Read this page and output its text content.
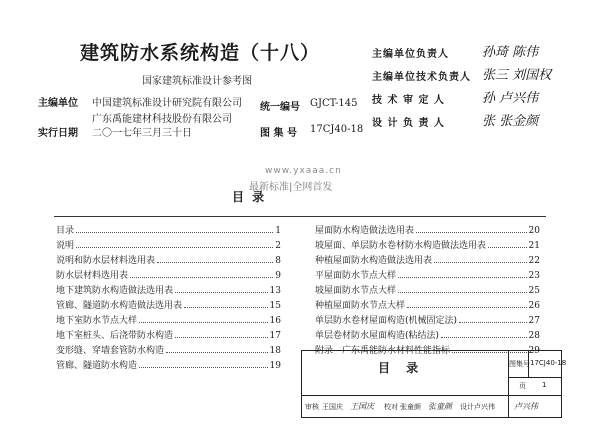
建筑防水系统构造（十八）
国家建筑标准设计参考图
主编单位 中国建筑标准设计研究院有限公司
广东禹能建材科技股份有限公司
实行日期 二〇一七年三月三十日
统一编号 GJCT-145
图 集 号 17CJ40-18
主编单位负责人	孙琦 陈伟
主编单位技术负责人 张三 刘国权
技 术 审 定 人	孙 卢兴伟
设 计 负 责 人	张 张金颜
www.yxaaa.cn
最新标准|全网首发
目 录
目录	1
说明	2
说明和防水层材料选用表	8
防水层材料选用表	9
地下建筑防水构造做法选用表	13
管廊、隧道防水构造做法选用表	15
地下室防水节点大样	16
地下室桩头、后浇带防水构造	17
变形缝、穿墙套管防水构造	18
管廊、隧道防水构造	19
屋面防水构造做法选用表	20
坡屋面、单层防水卷材防水构造做法选用表	21
种植屋面防水构造做法选用表	22
平屋面防水节点大样	23
坡屋面防水节点大样	25
种植屋面防水节点大样	26
单层防水卷材屋面构造(机械固定法)	27
单层卷材防水屋面构造(粘结法)	28
附录　广东禹能防水材料性能指标	29
目 录	图集号 17CJ40-18
页 1
审核 王国庆 王国庆 校对 张童颜 张童颜 设计 卢兴伟 卢兴伟
